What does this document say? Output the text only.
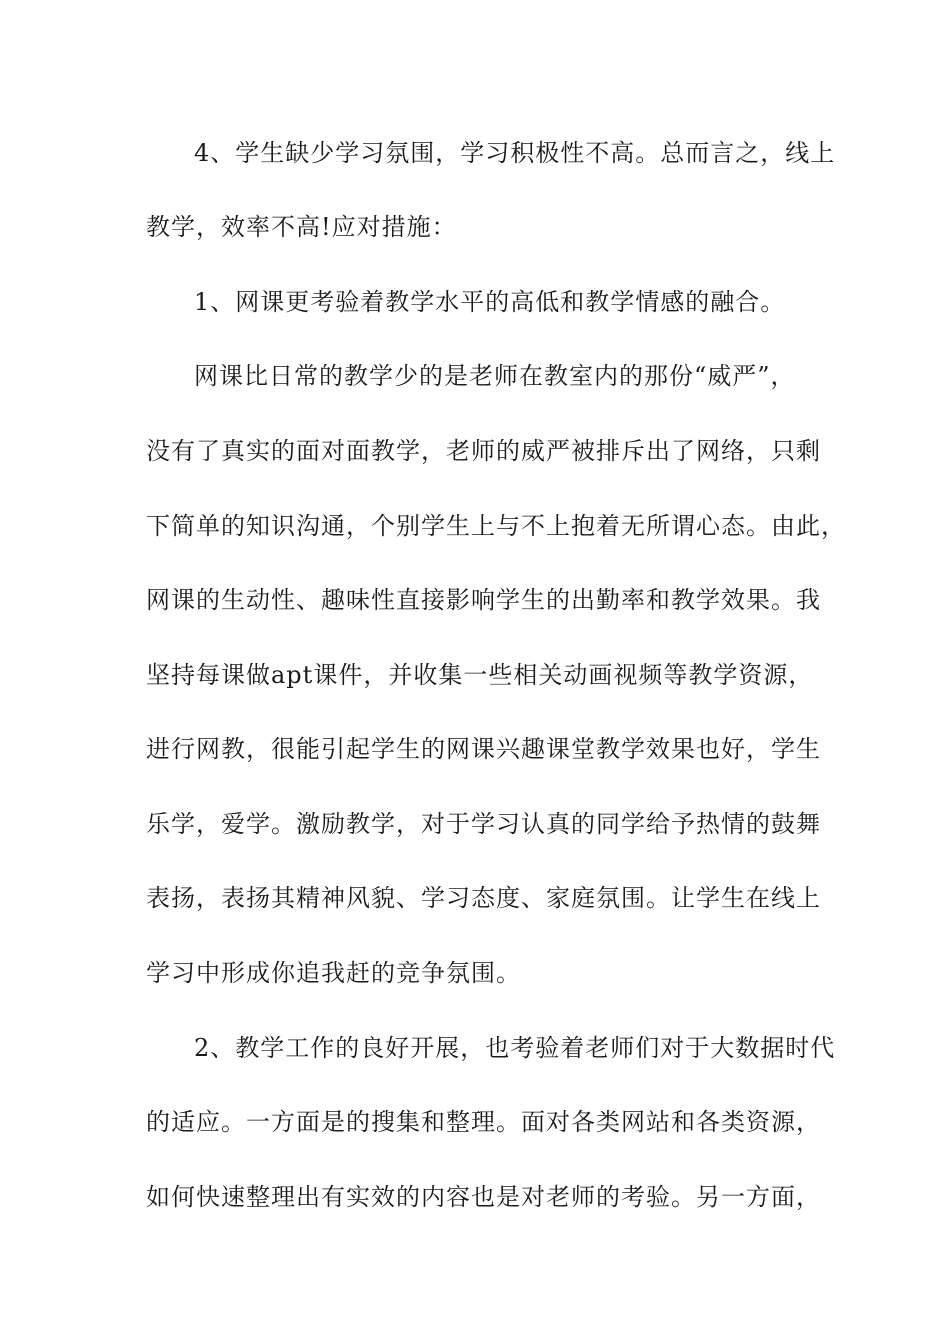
4、学生缺少学习氛围，学习积极性不高。总而言之，线上
教学，效率不高!应对措施：
1、网课更考验着教学水平的高低和教学情感的融合。
网课比日常的教学少的是老师在教室内的那份“威严”，
没有了真实的面对面教学，老师的威严被排斥出了网络，只剩
下简单的知识沟通，个别学生上与不上抱着无所谓心态。由此，
网课的生动性、趣味性直接影响学生的出勤率和教学效果。我
坚持每课做apt课件，并收集一些相关动画视频等教学资源，
进行网教，很能引起学生的网课兴趣课堂教学效果也好，学生
乐学，爱学。激励教学，对于学习认真的同学给予热情的鼓舞
表扬，表扬其精神风貌、学习态度、家庭氛围。让学生在线上
学习中形成你追我赶的竞争氛围。
2、教学工作的良好开展，也考验着老师们对于大数据时代
的适应。一方面是的搜集和整理。面对各类网站和各类资源，
如何快速整理出有实效的内容也是对老师的考验。另一方面，
